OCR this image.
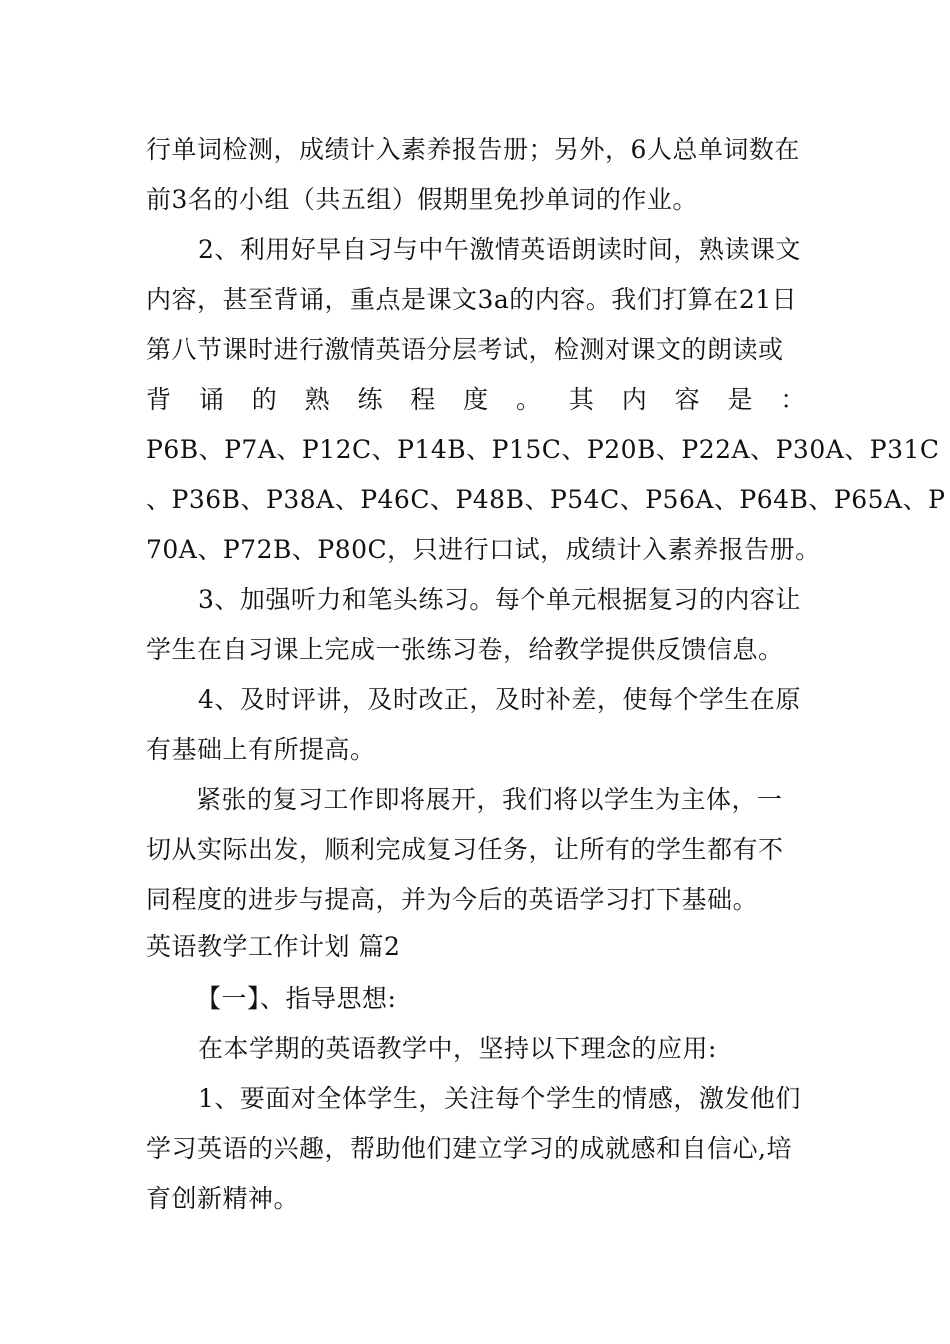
行单词检测，成绩计入素养报告册；另外，6人总单词数在
前3名的小组（共五组）假期里免抄单词的作业。
2、利用好早自习与中午激情英语朗读时间，熟读课文
内容，甚至背诵，重点是课文3a的内容。我们打算在21日
第八节课时进行激情英语分层考试，检测对课文的朗读或
背 诵 的 熟 练 程 度 。 其 内 容 是 ：
P6B、P7A、P12C、P14B、P15C、P20B、P22A、P30A、P31C
、P36B、P38A、P46C、P48B、P54C、P56A、P64B、P65A、P
70A、P72B、P80C，只进行口试，成绩计入素养报告册。
3、加强听力和笔头练习。每个单元根据复习的内容让
学生在自习课上完成一张练习卷，给教学提供反馈信息。
4、及时评讲，及时改正，及时补差，使每个学生在原
有基础上有所提高。
紧张的复习工作即将展开，我们将以学生为主体，一
切从实际出发，顺利完成复习任务，让所有的学生都有不
同程度的进步与提高，并为今后的英语学习打下基础。
英语教学工作计划 篇2
【一】、指导思想:
在本学期的英语教学中，坚持以下理念的应用:
1、要面对全体学生，关注每个学生的情感，激发他们
学习英语的兴趣，帮助他们建立学习的成就感和自信心,培
育创新精神。
